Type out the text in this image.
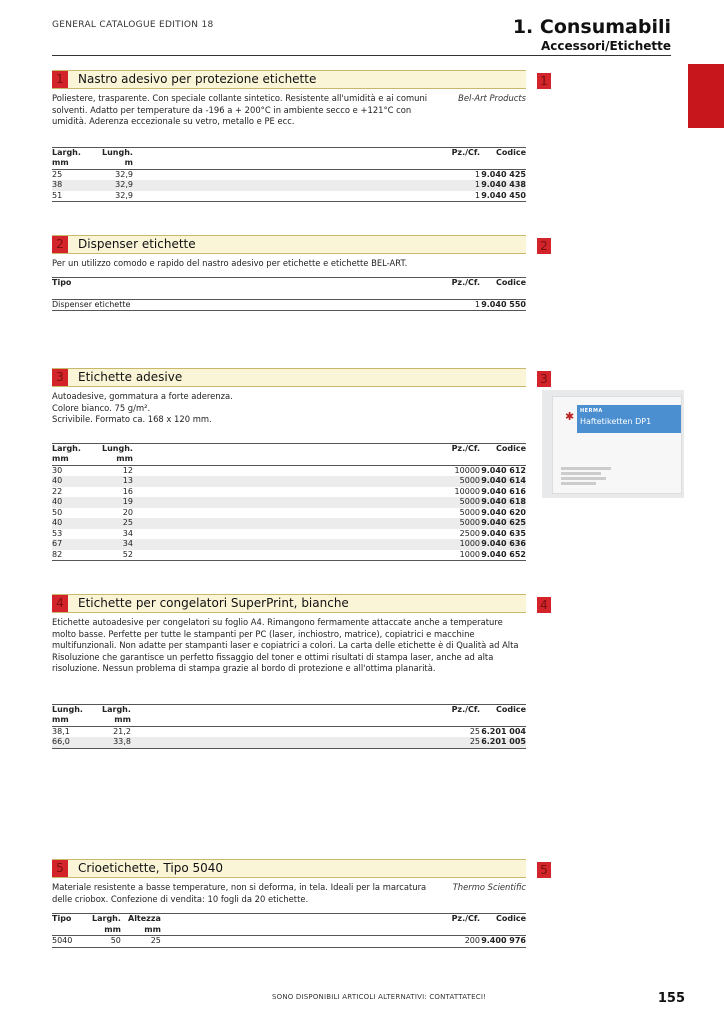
GENERAL CATALOGUE EDITION 18	1. Consumabili
Accessori/Etichette
1	Nastro adesivo per protezione etichette
Poliestere, trasparente. Con speciale collante sintetico. Resistente all'umidità e ai comuni solventi. Adatto per temperature da -196 a + 200°C in ambiente secco e +121°C con umidità. Aderenza eccezionale su vetro, metallo e PE ecc.
Bel-Art Products
Largh.	Lungh.		Pz./Cf.	Codice
mm	m			
25	32,9		1	9.040 425
38	32,9		1	9.040 438
51	32,9		1	9.040 450
1
2	Dispenser etichette
Per un utilizzo comodo e rapido del nastro adesivo per etichette e etichette BEL-ART.
Tipo		Pz./Cf.	Codice
Dispenser etichette		1	9.040 550
2
3	Etichette adesive
Autoadesive, gommatura a forte aderenza.
Colore bianco. 75 g/m².
Scrivibile. Formato ca. 168 x 120 mm.
Largh.	Lungh.		Pz./Cf.	Codice
mm	mm			
30	12		10000	9.040 612
40	13		5000	9.040 614
22	16		10000	9.040 616
40	19		5000	9.040 618
50	20		5000	9.040 620
40	25		5000	9.040 625
53	34		2500	9.040 635
67	34		1000	9.040 636
82	52		1000	9.040 652
3
✱ HERMA
Haftetiketten DP1
4	Etichette per congelatori SuperPrint, bianche
Etichette autoadesive per congelatori su foglio A4. Rimangono fermamente attaccate anche a temperature molto basse. Perfette per tutte le stampanti per PC (laser, inchiostro, matrice), copiatrici e macchine multifunzionali. Non adatte per stampanti laser e copiatrici a colori. La carta delle etichette è di Qualità ad Alta Risoluzione che garantisce un perfetto fissaggio del toner e ottimi risultati di stampa laser, anche ad alta risoluzione. Nessun problema di stampa grazie al bordo di protezione e all'ottima planarità.
Lungh.	Largh.		Pz./Cf.	Codice
mm	mm			
38,1	21,2		25	6.201 004
66,0	33,8		25	6.201 005
4
5	Crioetichette, Tipo 5040
Materiale resistente a basse temperature, non si deforma, in tela. Ideali per la marcatura delle criobox. Confezione di vendita: 10 fogli da 20 etichette.
Thermo Scientific
Tipo	Largh.	Altezza		Pz./Cf.	Codice
	mm	mm			
5040	50	25		200	9.400 976
5
SONO DISPONIBILI ARTICOLI ALTERNATIVI: CONTATTATECI!	155
